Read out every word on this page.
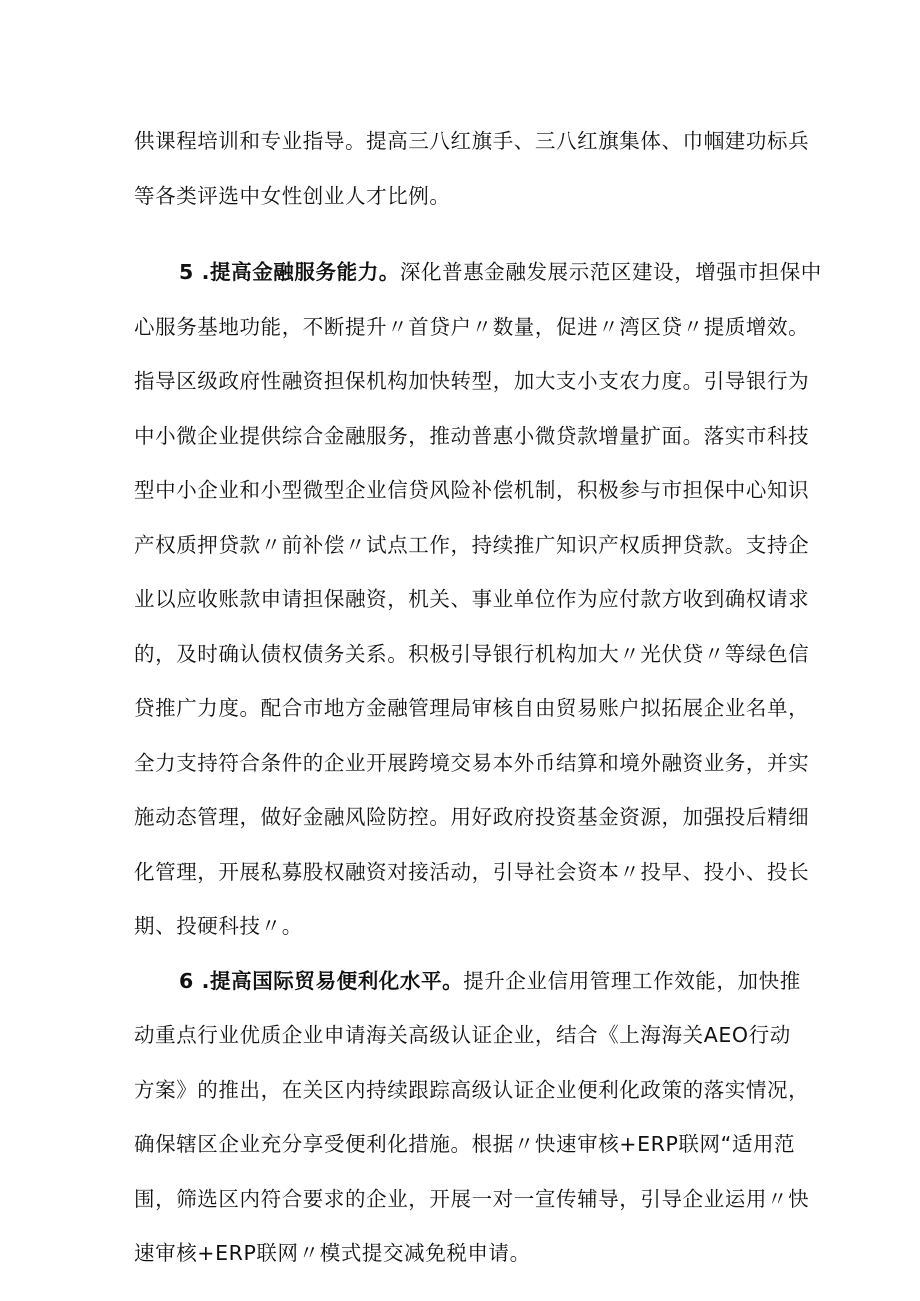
供课程培训和专业指导。提高三八红旗手、三八红旗集体、巾帼建功标兵
等各类评选中女性创业人才比例。

5 .提高金融服务能力。深化普惠金融发展示范区建设，增强市担保中
心服务基地功能，不断提升〃首贷户〃数量，促进〃湾区贷〃提质增效。
指导区级政府性融资担保机构加快转型，加大支小支农力度。引导银行为
中小微企业提供综合金融服务，推动普惠小微贷款增量扩面。落实市科技
型中小企业和小型微型企业信贷风险补偿机制，积极参与市担保中心知识
产权质押贷款〃前补偿〃试点工作，持续推广知识产权质押贷款。支持企
业以应收账款申请担保融资，机关、事业单位作为应付款方收到确权请求
的，及时确认债权债务关系。积极引导银行机构加大〃光伏贷〃等绿色信
贷推广力度。配合市地方金融管理局审核自由贸易账户拟拓展企业名单，
全力支持符合条件的企业开展跨境交易本外币结算和境外融资业务，并实
施动态管理，做好金融风险防控。用好政府投资基金资源，加强投后精细
化管理，开展私募股权融资对接活动，引导社会资本〃投早、投小、投长
期、投硬科技〃。

6 .提高国际贸易便利化水平。提升企业信用管理工作效能，加快推
动重点行业优质企业申请海关高级认证企业，结合《上海海关AEO行动
方案》的推出，在关区内持续跟踪高级认证企业便利化政策的落实情况，
确保辖区企业充分享受便利化措施。根据〃快速审核+ERP联网“适用范
围，筛选区内符合要求的企业，开展一对一宣传辅导，引导企业运用〃快
速审核+ERP联网〃模式提交减免税申请。
